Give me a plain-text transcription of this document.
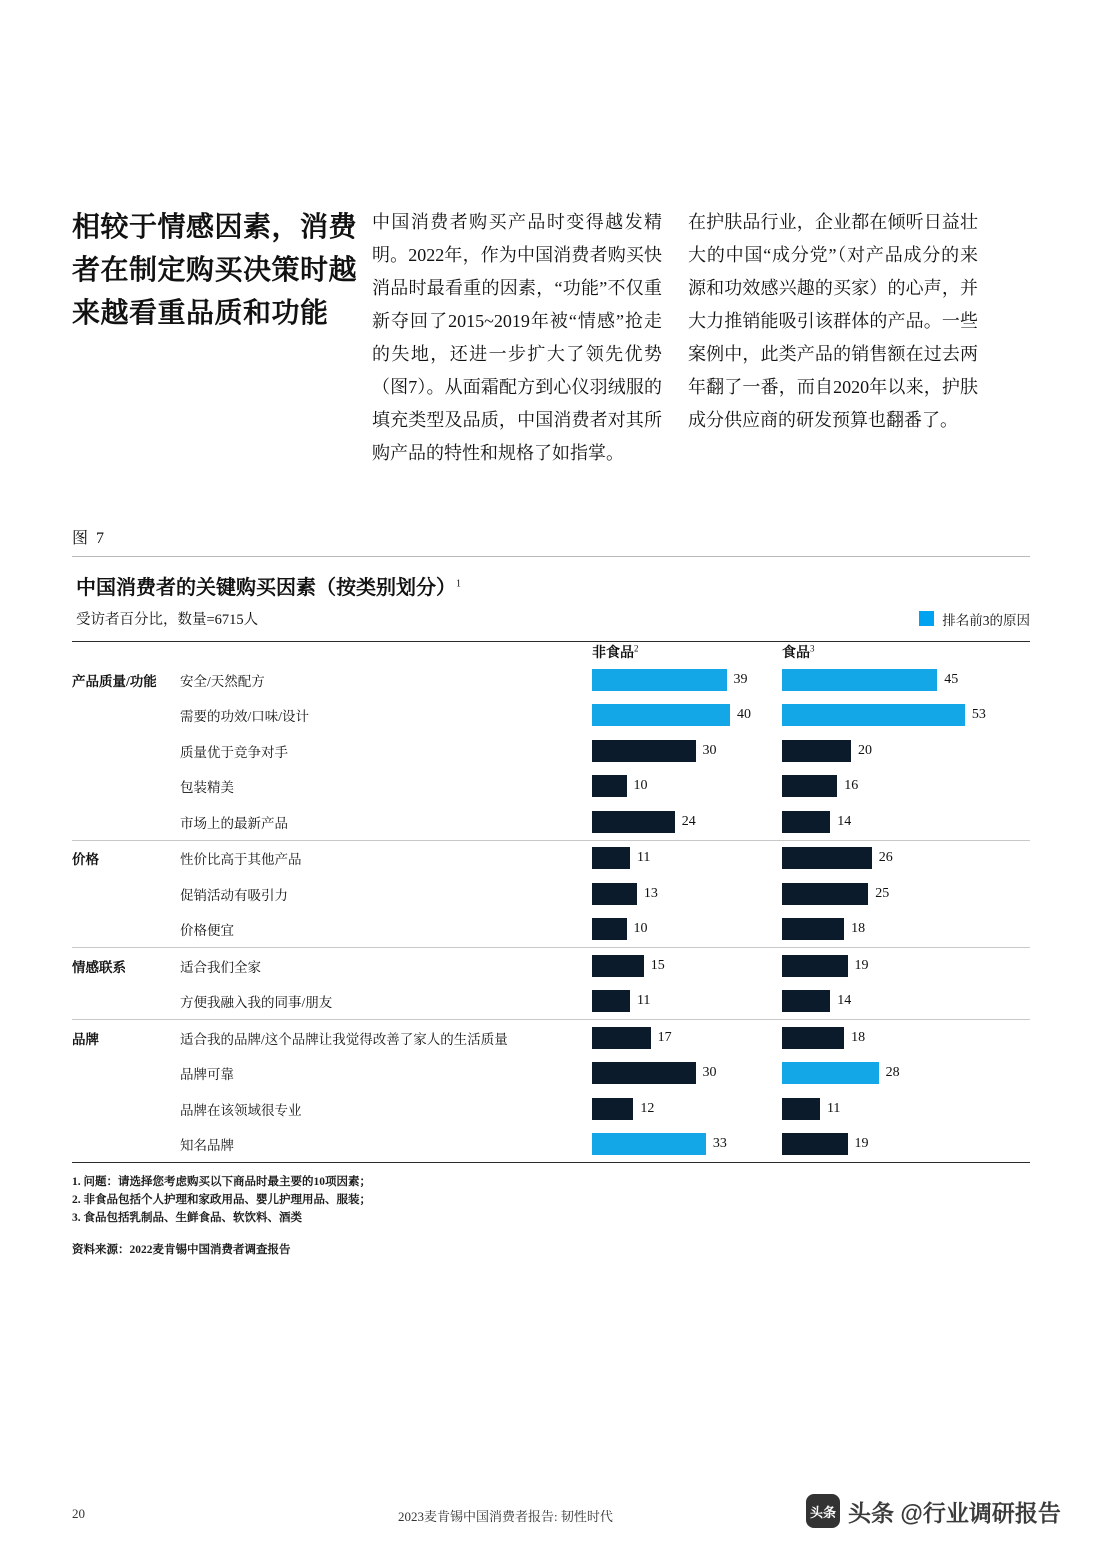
相较于情感因素，消费者在制定购买决策时越来越看重品质和功能
中国消费者购买产品时变得越发精明。2022年，作为中国消费者购买快消品时最看重的因素，“功能”不仅重新夺回了2015~2019年被“情感”抢走的失地，还进一步扩大了领先优势（图7）。从面霜配方到心仪羽绒服的填充类型及品质，中国消费者对其所购产品的特性和规格了如指掌。
在护肤品行业，企业都在倾听日益壮大的中国“成分党”（对产品成分的来源和功效感兴趣的买家）的心声，并大力推销能吸引该群体的产品。一些案例中，此类产品的销售额在过去两年翻了一番，而自2020年以来，护肤成分供应商的研发预算也翻番了。
图 7
中国消费者的关键购买因素（按类别划分）$^1$
受访者百分比，数量=6715人	排名前3的原因
		非食品$^2$	食品$^3$
产品质量/功能	安全/天然配方	39	45

	需要的功效/口味/设计	40	53

	质量优于竞争对手	30	20

	包装精美	10	16

	市场上的最新产品	24	14

价格	性价比高于其他产品	11	26

	促销活动有吸引力	13	25

	价格便宜	10	18

情感联系	适合我们全家	15	19

	方便我融入我的同事/朋友	11	14

品牌	适合我的品牌/这个品牌让我觉得改善了家人的生活质量	17	18

	品牌可靠	30	28

	品牌在该领域很专业	12	11

	知名品牌	33	19
1. 问题：请选择您考虑购买以下商品时最主要的10项因素；
2. 非食品包括个人护理和家政用品、婴儿护理用品、服装；
3. 食品包括乳制品、生鲜食品、软饮料、酒类
资料来源：2022麦肯锡中国消费者调查报告
20	2023麦肯锡中国消费者报告: 韧性时代	头条 头条 @行业调研报告
